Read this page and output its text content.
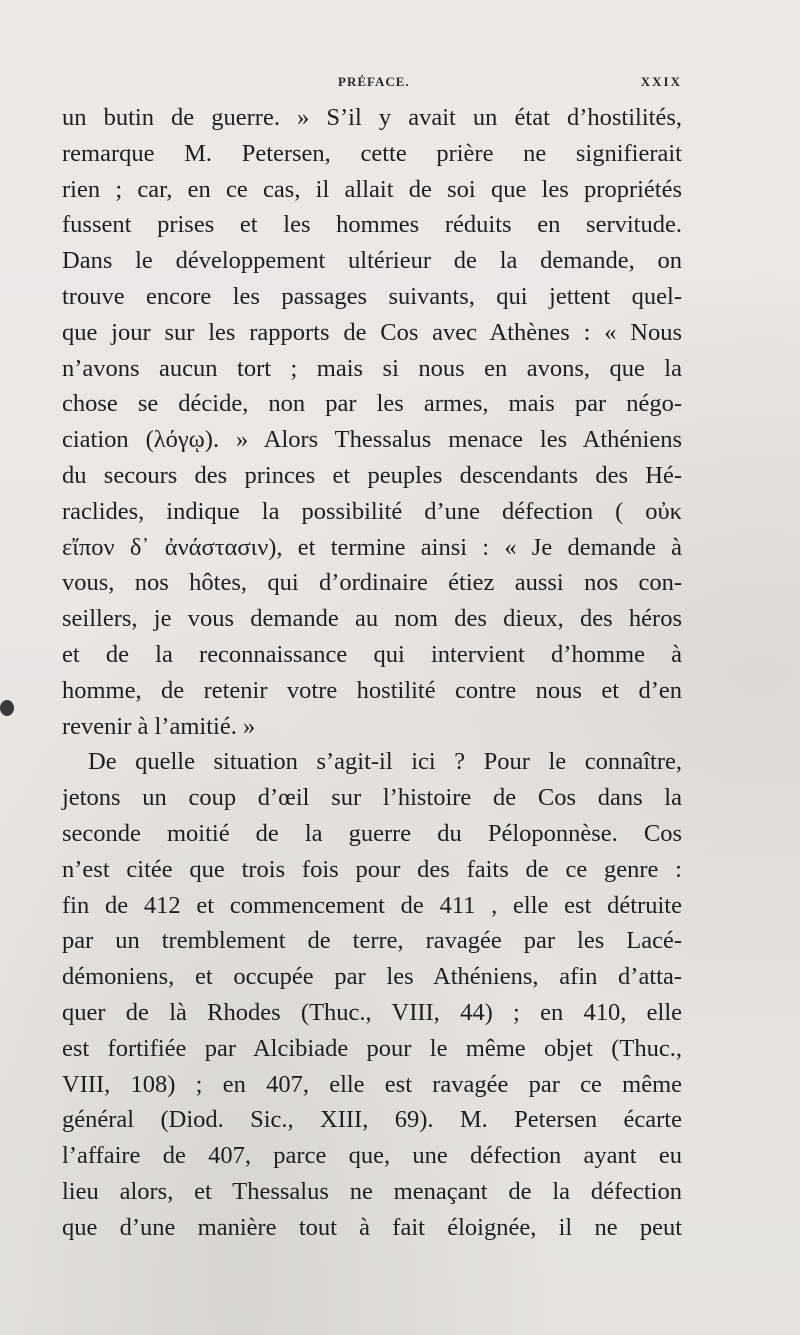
PRÉFACE.	XXIX
un butin de guerre. » S’il y avait un état d’hostilités,
remarque M. Petersen, cette prière ne signifierait
rien ; car, en ce cas, il allait de soi que les propriétés
fussent prises et les hommes réduits en servitude.
Dans le développement ultérieur de la demande, on
trouve encore les passages suivants, qui jettent quel-
que jour sur les rapports de Cos avec Athènes : « Nous
n’avons aucun tort ; mais si nous en avons, que la
chose se décide, non par les armes, mais par négo-
ciation (λόγῳ). » Alors Thessalus menace les Athéniens
du secours des princes et peuples descendants des Hé-
raclides, indique la possibilité d’une défection ( οὐκ
εἴπον δ᾽ ἀνάστασιν), et termine ainsi : « Je demande à
vous, nos hôtes, qui d’ordinaire étiez aussi nos con-
seillers, je vous demande au nom des dieux, des héros
et de la reconnaissance qui intervient d’homme à
homme, de retenir votre hostilité contre nous et d’en
revenir à l’amitié. »
De quelle situation s’agit-il ici ? Pour le connaître,
jetons un coup d’œil sur l’histoire de Cos dans la
seconde moitié de la guerre du Péloponnèse. Cos
n’est citée que trois fois pour des faits de ce genre :
fin de 412 et commencement de 411 , elle est détruite
par un tremblement de terre, ravagée par les Lacé-
démoniens, et occupée par les Athéniens, afin d’atta-
quer de là Rhodes (Thuc., VIII, 44) ; en 410, elle
est fortifiée par Alcibiade pour le même objet (Thuc.,
VIII, 108) ; en 407, elle est ravagée par ce même
général (Diod. Sic., XIII, 69). M. Petersen écarte
l’affaire de 407, parce que, une défection ayant eu
lieu alors, et Thessalus ne menaçant de la défection
que d’une manière tout à fait éloignée, il ne peut
